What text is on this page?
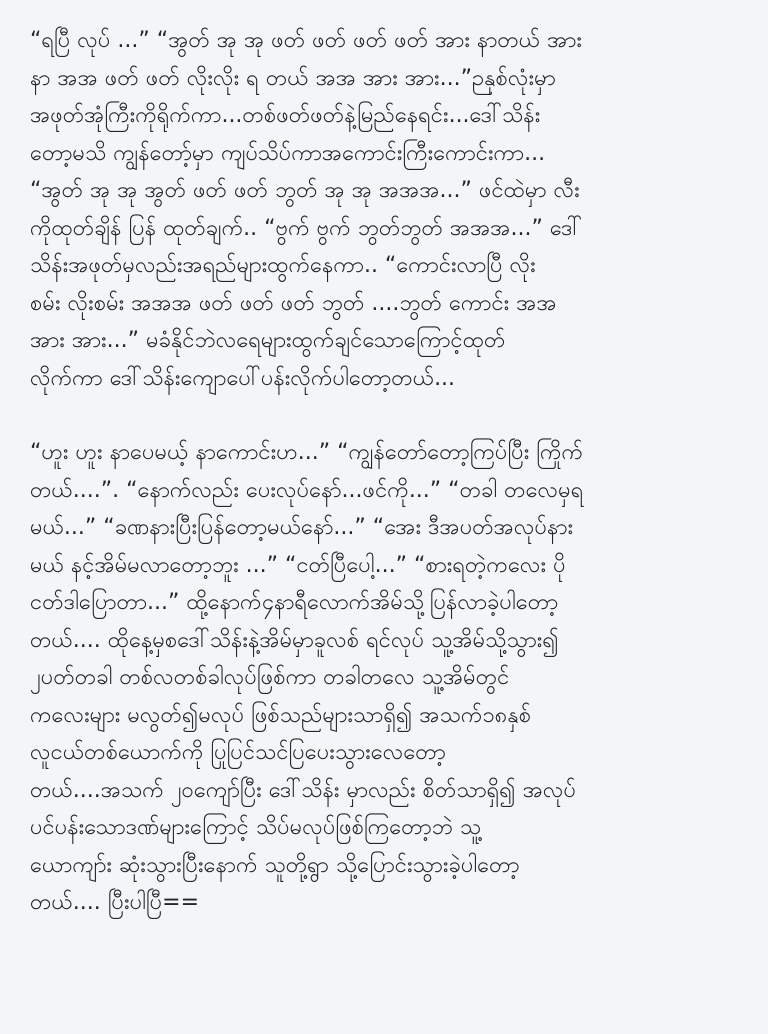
“ရပြီ လုပ် ...” “အွတ် အု အု ဖတ် ဖတ် ဖတ် ဖတ် အား နာတယ် အား
နာ အအ ဖတ် ဖတ် လိုးလိုး ရ တယ် အအ အား အား...”ဉနှစ်လုံးမှာ
အဖုတ်အုံကြီးကိုရိုက်ကာ...တစ်ဖတ်ဖတ်နဲ့မြည်နေရင်း...ဒေါ်သိန်း
တော့မသိ ကျွန်တော့်မှာ ကျပ်သိပ်ကာအကောင်းကြီးကောင်းကာ...
“အွတ် အု အု အွတ် ဖတ် ဖတ် ဘွတ် အု အု အအအ...” ဖင်ထဲမှာ လီး
ကိုထုတ်ချိန် ပြန် ထုတ်ချက်.. “ဗွက် ဗွက် ဘွတ်ဘွတ် အအအ...” ဒေါ်
သိန်းအဖုတ်မှလည်းအရည်များထွက်နေကာ.. “ကောင်းလာပြီ လိုး
စမ်း လိုးစမ်း အအအ ဖတ် ဖတ် ဖတ် ဘွတ် ....ဘွတ် ကောင်း အအ
အား အား...” မခံနိုင်ဘဲလရေများထွက်ချင်သောကြောင့်ထုတ်
လိုက်ကာ ဒေါ်သိန်းကျောပေါ်ပန်းလိုက်ပါတော့တယ်...
“ဟူး ဟူး နာပေမယ့် နာကောင်းဟ...” “ကျွန်တော်တော့ကြပ်ပြီး ကြိုက်
တယ်....”. “နောက်လည်း ပေးလုပ်နော်...ဖင်ကို...” “တခါ တလေမှရ
မယ်...” “ခဏနားပြီးပြန်တော့မယ်နော်...” “အေး ဒီအပတ်အလုပ်နား
မယ် နင့်အိမ်မလာတော့ဘူး ...” “ငတ်ပြီပေါ့...” “စားရတဲ့ကလေး ပို
ငတ်ဒါပြောတာ...” ထို့နောက်၄နာရီလောက်အိမ်သို့ပြန်လာခဲ့ပါတော့
တယ်.... ထိုနေ့မှစဒေါ်သိန်းနဲ့အိမ်မှာခူလစ် ရင်လုပ် သူ့အိမ်သို့သွား၍
၂ပတ်တခါ တစ်လတစ်ခါလုပ်ဖြစ်ကာ တခါတလေ သူ့အိမ်တွင်
ကလေးများ မလွတ်၍မလုပ် ဖြစ်သည်များသာရှိ၍ အသက်၁၈နှစ်
လူငယ်တစ်ယောက်ကို ပြုပြင်သင်ပြပေးသွားလေတော့
တယ်....အသက် ၂၀ကျော်ပြီး ဒေါ်သိန်း မှာလည်း စိတ်သာရှိ၍ အလုပ်
ပင်ပန်းသောဒဏ်များကြောင့် သိပ်မလုပ်ဖြစ်ကြတော့ဘဲ သူ့
ယောကျာ်း ဆုံးသွားပြီးနောက် သူတို့ရွာ သို့ပြောင်းသွားခဲ့ပါတော့
တယ်.... ပြီးပါပြီ==
